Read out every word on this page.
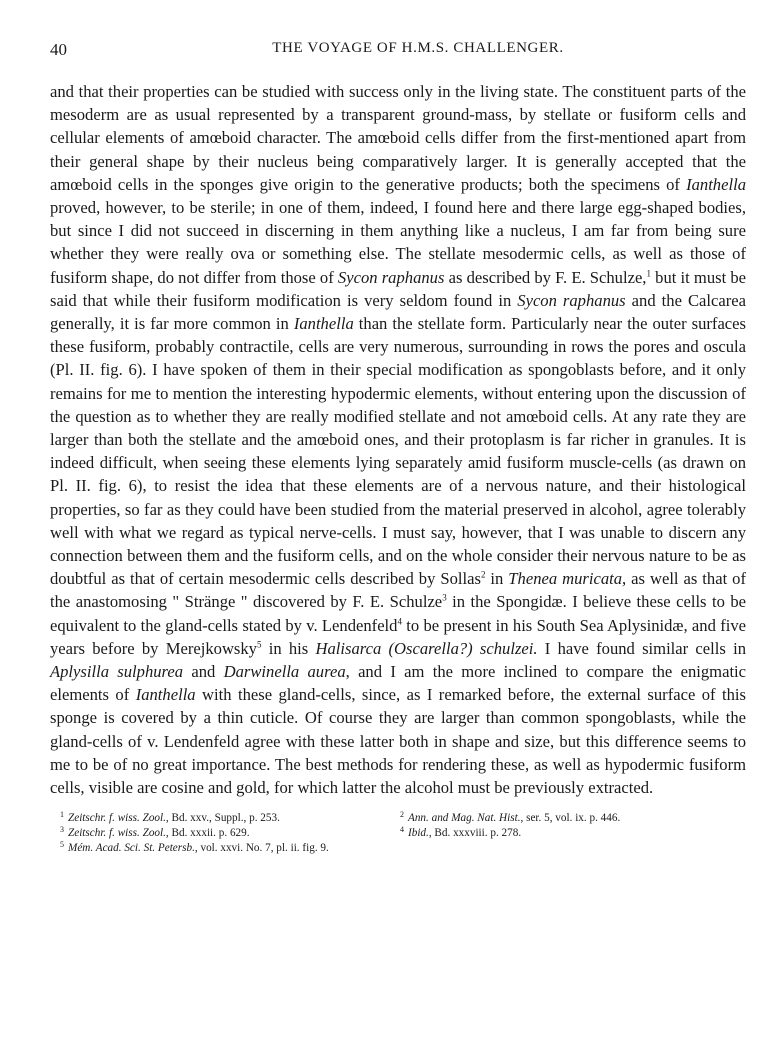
40	THE VOYAGE OF H.M.S. CHALLENGER.

and that their properties can be studied with success only in the living state. The constituent parts of the mesoderm are as usual represented by a transparent ground-mass, by stellate or fusiform cells and cellular elements of amœboid character. The amœboid cells differ from the first-mentioned apart from their general shape by their nucleus being comparatively larger. It is generally accepted that the amœboid cells in the sponges give origin to the generative products; both the specimens of Ianthella proved, however, to be sterile; in one of them, indeed, I found here and there large egg-shaped bodies, but since I did not succeed in discerning in them anything like a nucleus, I am far from being sure whether they were really ova or something else. The stellate mesodermic cells, as well as those of fusiform shape, do not differ from those of Sycon raphanus as described by F. E. Schulze,$^1$ but it must be said that while their fusiform modification is very seldom found in Sycon raphanus and the Calcarea generally, it is far more common in Ianthella than the stellate form. Particularly near the outer surfaces these fusiform, probably contractile, cells are very numerous, surrounding in rows the pores and oscula (Pl. II. fig. 6). I have spoken of them in their special modification as spongoblasts before, and it only remains for me to mention the interesting hypodermic elements, without entering upon the discussion of the question as to whether they are really modified stellate and not amœboid cells. At any rate they are larger than both the stellate and the amœboid ones, and their protoplasm is far richer in granules. It is indeed difficult, when seeing these elements lying separately amid fusiform muscle-cells (as drawn on Pl. II. fig. 6), to resist the idea that these elements are of a nervous nature, and their histological properties, so far as they could have been studied from the material preserved in alcohol, agree tolerably well with what we regard as typical nerve-cells. I must say, however, that I was unable to discern any connection between them and the fusiform cells, and on the whole consider their nervous nature to be as doubtful as that of certain mesodermic cells described by Sollas$^2$ in Thenea muricata, as well as that of the anastomosing " Stränge " discovered by F. E. Schulze$^3$ in the Spongidæ. I believe these cells to be equivalent to the gland-cells stated by v. Lendenfeld$^4$ to be present in his South Sea Aplysinidæ, and five years before by Merejkowsky$^5$ in his Halisarca (Oscarella?) schulzei. I have found similar cells in Aplysilla sulphurea and Darwinella aurea, and I am the more inclined to compare the enigmatic elements of Ianthella with these gland-cells, since, as I remarked before, the external surface of this sponge is covered by a thin cuticle. Of course they are larger than common spongoblasts, while the gland-cells of v. Lendenfeld agree with these latter both in shape and size, but this difference seems to me to be of no great importance. The best methods for rendering these, as well as hypodermic fusiform cells, visible are cosine and gold, for which latter the alcohol must be previously extracted.

$^1$ Zeitschr. f. wiss. Zool., Bd. xxv., Suppl., p. 253.	$^2$ Ann. and Mag. Nat. Hist., ser. 5, vol. ix. p. 446.
$^3$ Zeitschr. f. wiss. Zool., Bd. xxxii. p. 629.	$^4$ Ibid., Bd. xxxviii. p. 278.
$^5$ Mém. Acad. Sci. St. Petersb., vol. xxvi. No. 7, pl. ii. fig. 9.
